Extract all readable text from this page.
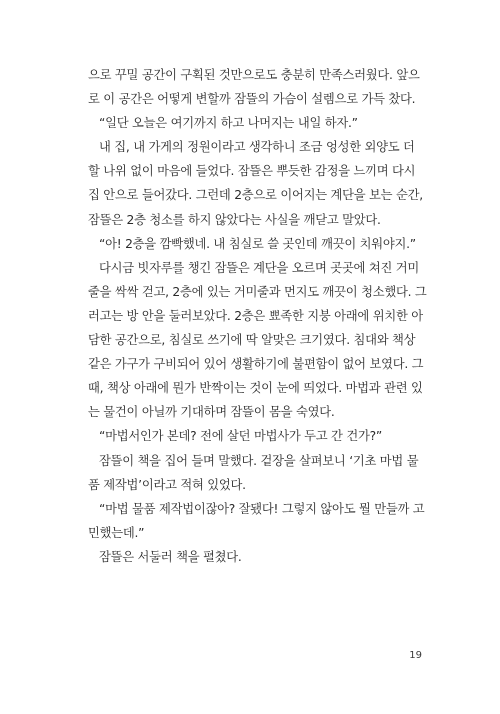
으로 꾸밀 공간이 구획된 것만으로도 충분히 만족스러웠다. 앞으
로 이 공간은 어떻게 변할까 잠뜰의 가슴이 설렘으로 가득 찼다.
“일단 오늘은 여기까지 하고 나머지는 내일 하자.”
내 집, 내 가게의 정원이라고 생각하니 조금 엉성한 외양도 더
할 나위 없이 마음에 들었다. 잠뜰은 뿌듯한 감정을 느끼며 다시
집 안으로 들어갔다. 그런데 2층으로 이어지는 계단을 보는 순간,
잠뜰은 2층 청소를 하지 않았다는 사실을 깨닫고 말았다.
“아! 2층을 깜빡했네. 내 침실로 쓸 곳인데 깨끗이 치워야지.”
다시금 빗자루를 챙긴 잠뜰은 계단을 오르며 곳곳에 쳐진 거미
줄을 싹싹 걷고, 2층에 있는 거미줄과 먼지도 깨끗이 청소했다. 그
러고는 방 안을 둘러보았다. 2층은 뾰족한 지붕 아래에 위치한 아
담한 공간으로, 침실로 쓰기에 딱 알맞은 크기였다. 침대와 책상
같은 가구가 구비되어 있어 생활하기에 불편함이 없어 보였다. 그
때, 책상 아래에 뭔가 반짝이는 것이 눈에 띄었다. 마법과 관련 있
는 물건이 아닐까 기대하며 잠뜰이 몸을 숙였다.
“마법서인가 본데? 전에 살던 마법사가 두고 간 건가?”
잠뜰이 책을 집어 들며 말했다. 겉장을 살펴보니 ‘기초 마법 물
품 제작법’이라고 적혀 있었다.
“마법 물품 제작법이잖아? 잘됐다! 그렇지 않아도 뭘 만들까 고
민했는데.”
잠뜰은 서둘러 책을 펼쳤다.
19
